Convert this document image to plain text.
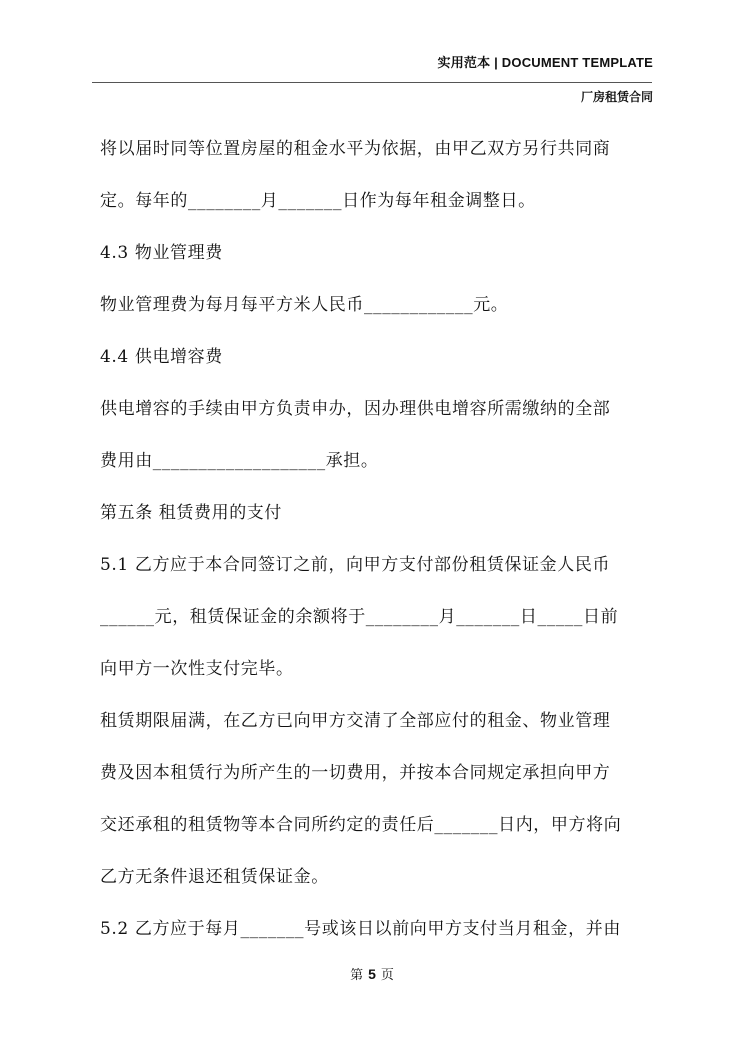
实用范本 | DOCUMENT TEMPLATE
厂房租赁合同
将以届时同等位置房屋的租金水平为依据，由甲乙双方另行共同商
定。每年的________月_______日作为每年租金调整日。
4.3 物业管理费
物业管理费为每月每平方米人民币____________元。
4.4 供电增容费
供电增容的手续由甲方负责申办，因办理供电增容所需缴纳的全部
费用由___________________承担。
第五条 租赁费用的支付
5.1 乙方应于本合同签订之前，向甲方支付部份租赁保证金人民币
______元，租赁保证金的余额将于________月_______日_____日前
向甲方一次性支付完毕。
租赁期限届满，在乙方已向甲方交清了全部应付的租金、物业管理
费及因本租赁行为所产生的一切费用，并按本合同规定承担向甲方
交还承租的租赁物等本合同所约定的责任后_______日内，甲方将向
乙方无条件退还租赁保证金。
5.2 乙方应于每月_______号或该日以前向甲方支付当月租金，并由
第 5 页
